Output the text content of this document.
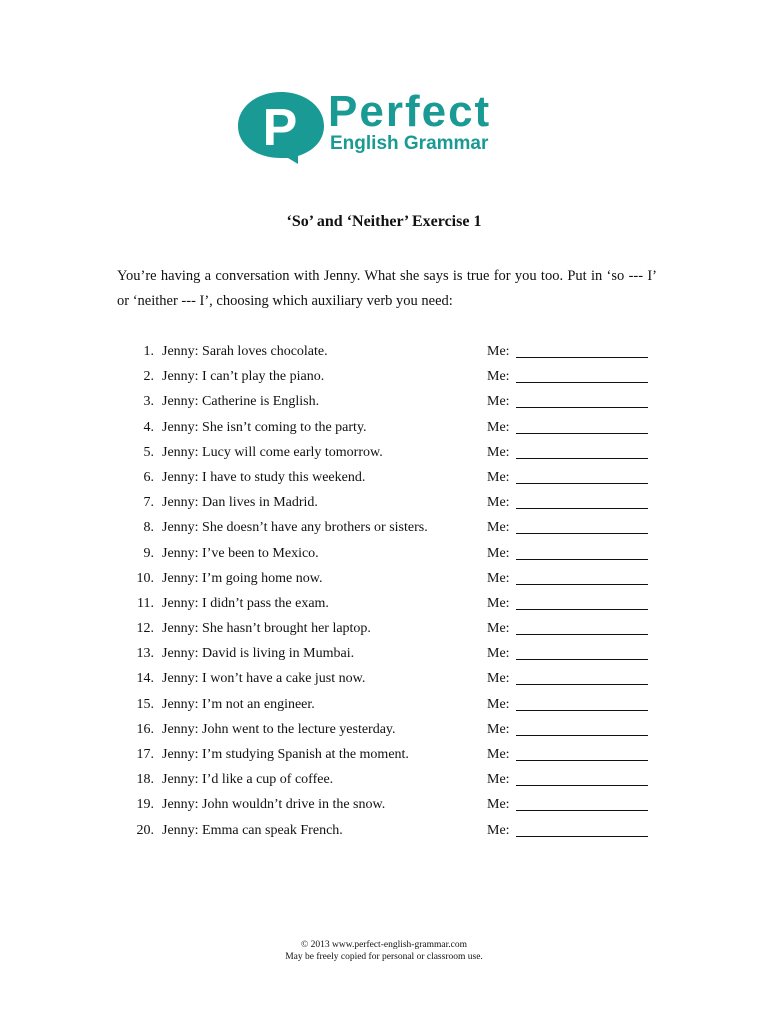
P Perfect
English Grammar
‘So’ and ‘Neither’ Exercise 1
You’re having a conversation with Jenny. What she says is true for you too. Put in ‘so --- I’ or ‘neither --- I’, choosing which auxiliary verb you need:
1. Jenny: Sarah loves chocolate.	Me:
2. Jenny: I can’t play the piano.	Me:
3. Jenny: Catherine is English.	Me:
4. Jenny: She isn’t coming to the party.	Me:
5. Jenny: Lucy will come early tomorrow.	Me:
6. Jenny: I have to study this weekend.	Me:
7. Jenny: Dan lives in Madrid.	Me:
8. Jenny: She doesn’t have any brothers or sisters.	Me:
9. Jenny: I’ve been to Mexico.	Me:
10. Jenny: I’m going home now.	Me:
11. Jenny: I didn’t pass the exam.	Me:
12. Jenny: She hasn’t brought her laptop.	Me:
13. Jenny: David is living in Mumbai.	Me:
14. Jenny: I won’t have a cake just now.	Me:
15. Jenny: I’m not an engineer.	Me:
16. Jenny: John went to the lecture yesterday.	Me:
17. Jenny: I’m studying Spanish at the moment.	Me:
18. Jenny: I’d like a cup of coffee.	Me:
19. Jenny: John wouldn’t drive in the snow.	Me:
20. Jenny: Emma can speak French.	Me:
© 2013 www.perfect-english-grammar.com
May be freely copied for personal or classroom use.
